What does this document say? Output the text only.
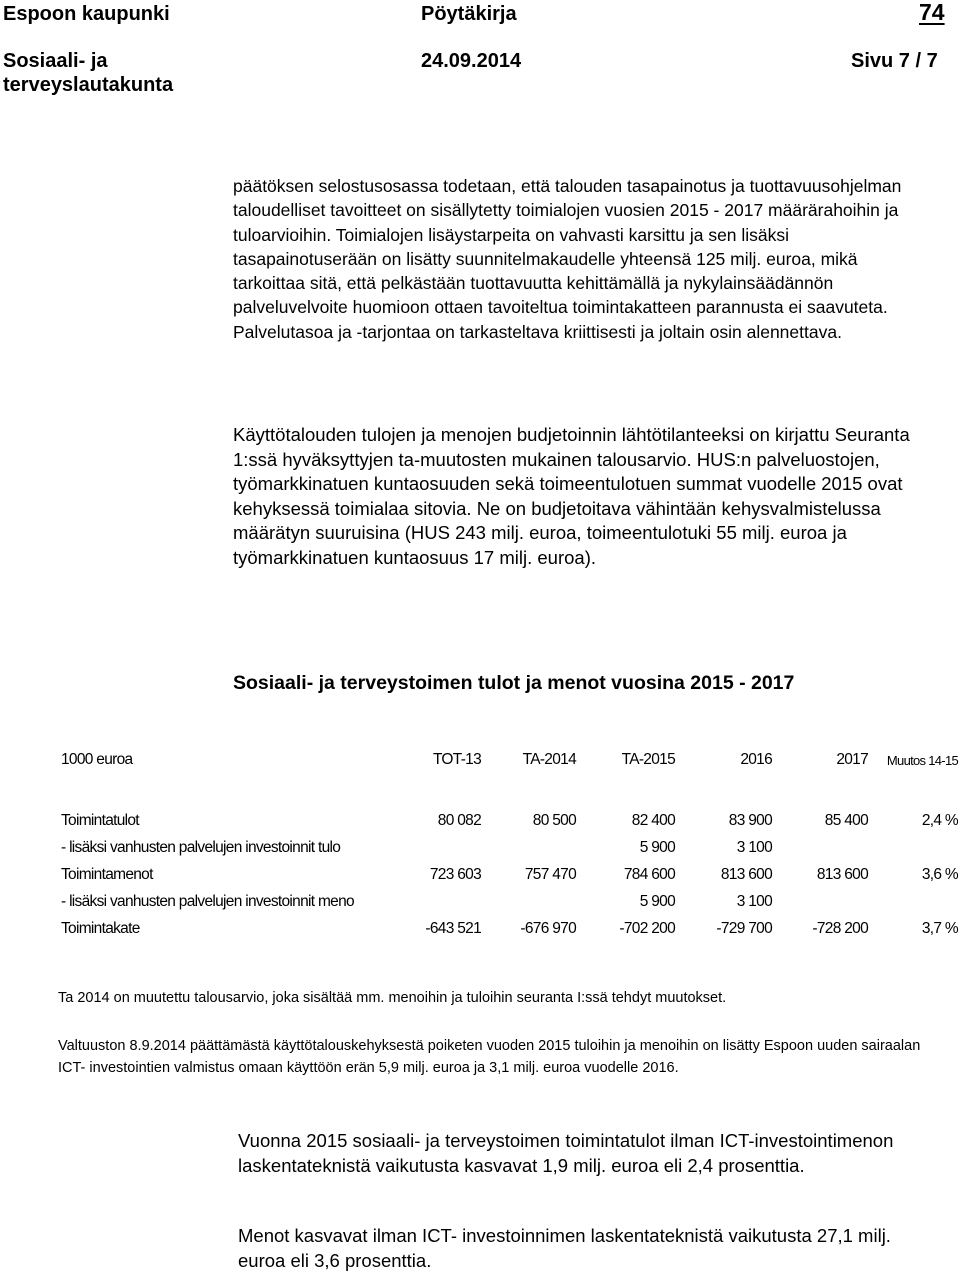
Espoon kaupunki	Pöytäkirja	74
Sosiaali- ja
terveyslautakunta
24.09.2014	Sivu 7 / 7

päätöksen selostusosassa todetaan, että talouden tasapainotus ja tuottavuusohjelman taloudelliset tavoitteet on sisällytetty toimialojen vuosien 2015 - 2017 määrärahoihin ja tuloarvioihin. Toimialojen lisäystarpeita on vahvasti karsittu ja sen lisäksi tasapainotuserään on lisätty suunnitelmakaudelle yhteensä 125 milj. euroa, mikä tarkoittaa sitä, että pelkästään tuottavuutta kehittämällä ja nykylainsäädännön palveluvelvoite huomioon ottaen tavoiteltua toimintakatteen parannusta ei saavuteta. Palvelutasoa ja -tarjontaa on tarkasteltava kriittisesti ja joltain osin alennettava.

Käyttötalouden tulojen ja menojen budjetoinnin lähtötilanteeksi on kirjattu Seuranta 1:ssä hyväksyttyjen ta-muutosten mukainen talousarvio. HUS:n palveluostojen, työmarkkinatuen kuntaosuuden sekä toimeentulotuen summat vuodelle 2015 ovat kehyksessä toimialaa sitovia. Ne on budjetoitava vähintään kehysvalmistelussa määrätyn suuruisina (HUS 243 milj. euroa, toimeentulotuki 55 milj. euroa ja työmarkkinatuen kuntaosuus 17 milj. euroa).

Sosiaali- ja terveystoimen tulot ja menot vuosina 2015 - 2017
1000 euroa	TOT-13	TA-2014	TA-2015	2016	2017	Muutos 14-15

Toimintatulot	80 082	80 500	82 400	83 900	85 400	2,4 %
- lisäksi vanhusten palvelujen investoinnit tulo			5 900	3 100		
Toimintamenot	723 603	757 470	784 600	813 600	813 600	3,6 %
- lisäksi vanhusten palvelujen investoinnit meno			5 900	3 100		
Toimintakate	-643 521	-676 970	-702 200	-729 700	-728 200	3,7 %

Ta 2014 on muutettu talousarvio, joka sisältää mm. menoihin ja tuloihin seuranta I:ssä tehdyt muutokset.

Valtuuston 8.9.2014 päättämästä käyttötalouskehyksestä poiketen vuoden 2015 tuloihin ja menoihin on lisätty Espoon uuden sairaalan ICT- investointien valmistus omaan käyttöön erän 5,9 milj. euroa ja 3,1 milj. euroa vuodelle 2016.

Vuonna 2015 sosiaali- ja terveystoimen toimintatulot ilman ICT-investointimenon laskentateknistä vaikutusta kasvavat 1,9 milj. euroa eli 2,4 prosenttia.

Menot kasvavat ilman ICT- investoinnimen laskentateknistä vaikutusta 27,1 milj. euroa eli 3,6 prosenttia.
